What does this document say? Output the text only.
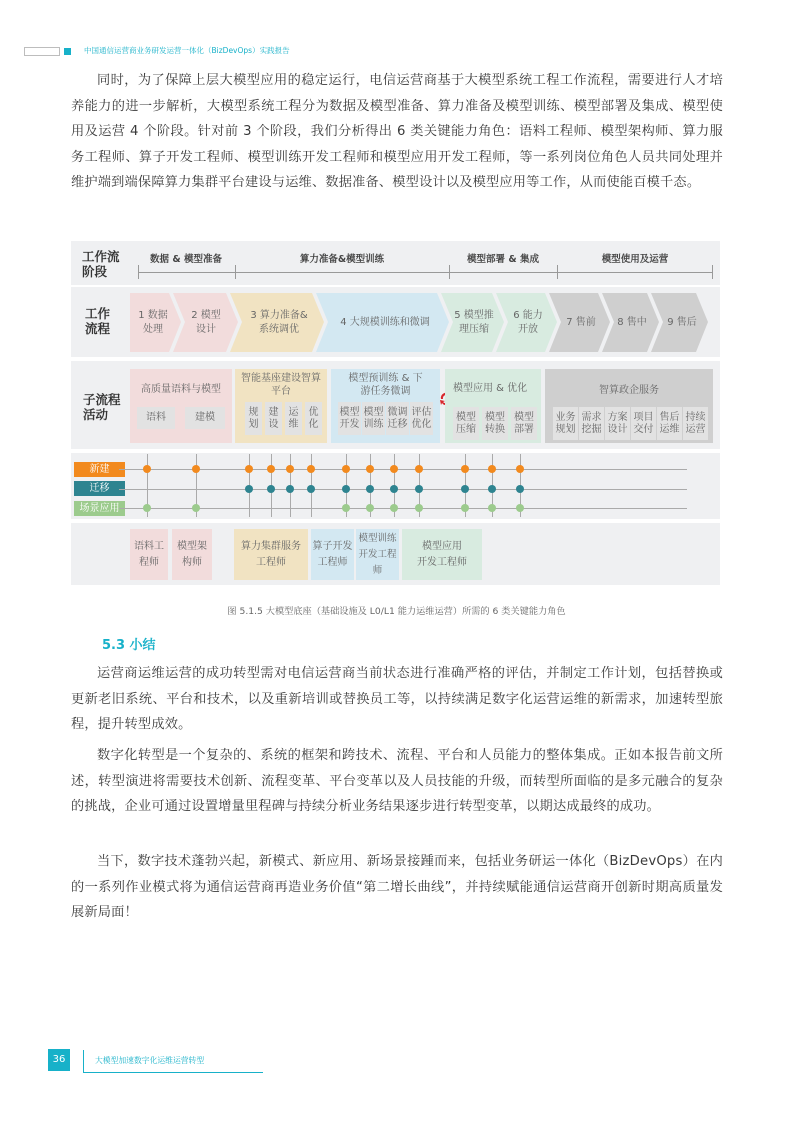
中国通信运营商业务研发运营一体化（BizDevOps）实践报告

同时，为了保障上层大模型应用的稳定运行，电信运营商基于大模型系统工程工作流程，需要进行人才培养能力的进一步解析，大模型系统工程分为数据及模型准备、算力准备及模型训练、模型部署及集成、模型使用及运营 4 个阶段。针对前 3 个阶段，我们分析得出 6 类关键能力角色：语料工程师、模型架构师、算力服务工程师、算子开发工程师、模型训练开发工程师和模型应用开发工程师，等一系列岗位角色人员共同处理并维护端到端保障算力集群平台建设与运维、数据准备、模型设计以及模型应用等工作，从而使能百模千态。

工作流
阶段
数据 & 模型准备	算力准备&模型训练	模型部署 & 集成	模型使用及运营
工作
流程
1 数据
处理
2 模型
设计
3 算力准备&
系统调优
4 大规模训练和微调
5 模型推
理压缩
6 能力
开放
7 售前 8 售中 9 售后
子流程
活动
高质量语料与模型
语料	建模
智能基座建设智算平台
规划
建设
运维
优化
模型预训练 & 下游任务微调
模型开发
模型训练
微调迁移
评估优化
模型应用 & 优化
模型压缩
模型转换
模型部署
智算政企服务
业务规划
需求挖掘
方案设计
项目交付
售后运维
持续运营
新建
迁移
场景应用
语料工
程师
模型架
构师
算力集群服务
工程师
算子开发
工程师
模型训练
开发工程师
模型应用
开发工程师
图 5.1.5 大模型底座（基础设施及 L0/L1 能力运维运营）所需的 6 类关键能力角色
5.3 小结

运营商运维运营的成功转型需对电信运营商当前状态进行准确严格的评估，并制定工作计划，包括替换或更新老旧系统、平台和技术，以及重新培训或替换员工等，以持续满足数字化运营运维的新需求，加速转型旅程，提升转型成效。

数字化转型是一个复杂的、系统的框架和跨技术、流程、平台和人员能力的整体集成。正如本报告前文所述，转型演进将需要技术创新、流程变革、平台变革以及人员技能的升级，而转型所面临的是多元融合的复杂的挑战，企业可通过设置增量里程碑与持续分析业务结果逐步进行转型变革，以期达成最终的成功。

当下，数字技术蓬勃兴起，新模式、新应用、新场景接踵而来，包括业务研运一体化（BizDevOps）在内的一系列作业模式将为通信运营商再造业务价值“第二增长曲线”，并持续赋能通信运营商开创新时期高质量发展新局面！

36	大模型加速数字化运维运营转型
